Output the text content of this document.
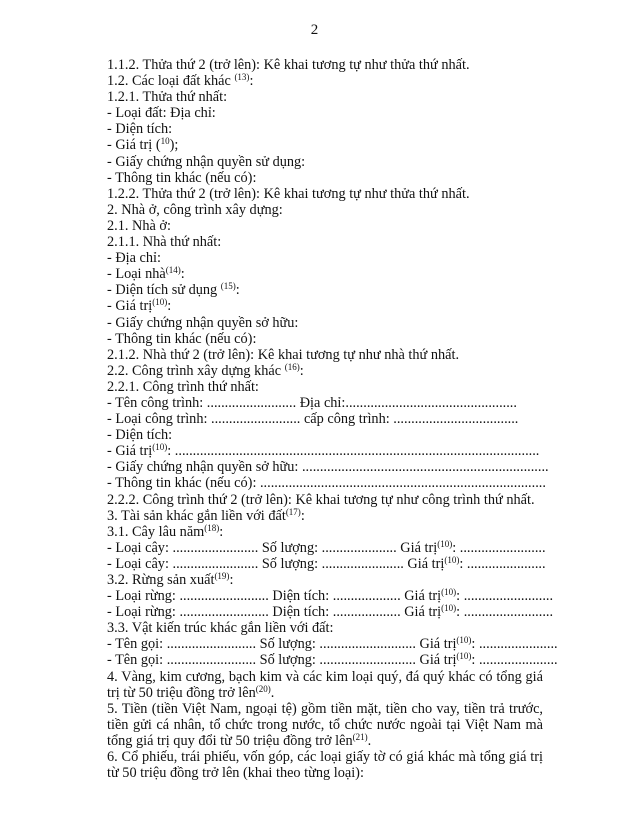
2
1.1.2. Thửa thứ 2 (trở lên): Kê khai tương tự như thửa thứ nhất.
1.2. Các loại đất khác $^{(13)}$:
1.2.1. Thửa thứ nhất:
- Loại đất: Địa chỉ:
- Diện tích:
- Giá trị ($^{10}$);
- Giấy chứng nhận quyền sử dụng:
- Thông tin khác (nếu có):
1.2.2. Thửa thứ 2 (trở lên): Kê khai tương tự như thửa thứ nhất.
2. Nhà ở, công trình xây dựng:
2.1. Nhà ở:
2.1.1. Nhà thứ nhất:
- Địa chỉ:
- Loại nhà$^{(14)}$:
- Diện tích sử dụng $^{(15)}$:
- Giá trị$^{(10)}$:
- Giấy chứng nhận quyền sở hữu:
- Thông tin khác (nếu có):
2.1.2. Nhà thứ 2 (trở lên): Kê khai tương tự như nhà thứ nhất.
2.2. Công trình xây dựng khác $^{(16)}$:
2.2.1. Công trình thứ nhất:
- Tên công trình: ......................... Địa chỉ:................................................
- Loại công trình: ......................... cấp công trình: ...................................
- Diện tích:
- Giá trị$^{(10)}$: ......................................................................................................
- Giấy chứng nhận quyền sở hữu: .....................................................................
- Thông tin khác (nếu có): ................................................................................
2.2.2. Công trình thứ 2 (trở lên): Kê khai tương tự như công trình thứ nhất.
3. Tài sản khác gắn liền với đất$^{(17)}$:
3.1. Cây lâu năm$^{(18)}$:
- Loại cây: ........................ Số lượng: ..................... Giá trị$^{(10)}$: ........................
- Loại cây: ........................ Số lượng: ....................... Giá trị$^{(10)}$: ......................
3.2. Rừng sản xuất$^{(19)}$:
- Loại rừng: ......................... Diện tích: ................... Giá trị$^{(10)}$: .........................
- Loại rừng: ......................... Diện tích: ................... Giá trị$^{(10)}$: .........................
3.3. Vật kiến trúc khác gắn liền với đất:
- Tên gọi: ......................... Số lượng: ........................... Giá trị$^{(10)}$: ......................
- Tên gọi: ......................... Số lượng: ........................... Giá trị$^{(10)}$: ......................
4. Vàng, kim cương, bạch kim và các kim loại quý, đá quý khác có tổng giá trị từ 50 triệu đồng trở lên$^{(20)}$.
5. Tiền (tiền Việt Nam, ngoại tệ) gồm tiền mặt, tiền cho vay, tiền trả trước, tiền gửi cá nhân, tổ chức trong nước, tổ chức nước ngoài tại Việt Nam mà tổng giá trị quy đổi từ 50 triệu đồng trở lên$^{(21)}$.
6. Cổ phiếu, trái phiếu, vốn góp, các loại giấy tờ có giá khác mà tổng giá trị từ 50 triệu đồng trở lên (khai theo từng loại):
